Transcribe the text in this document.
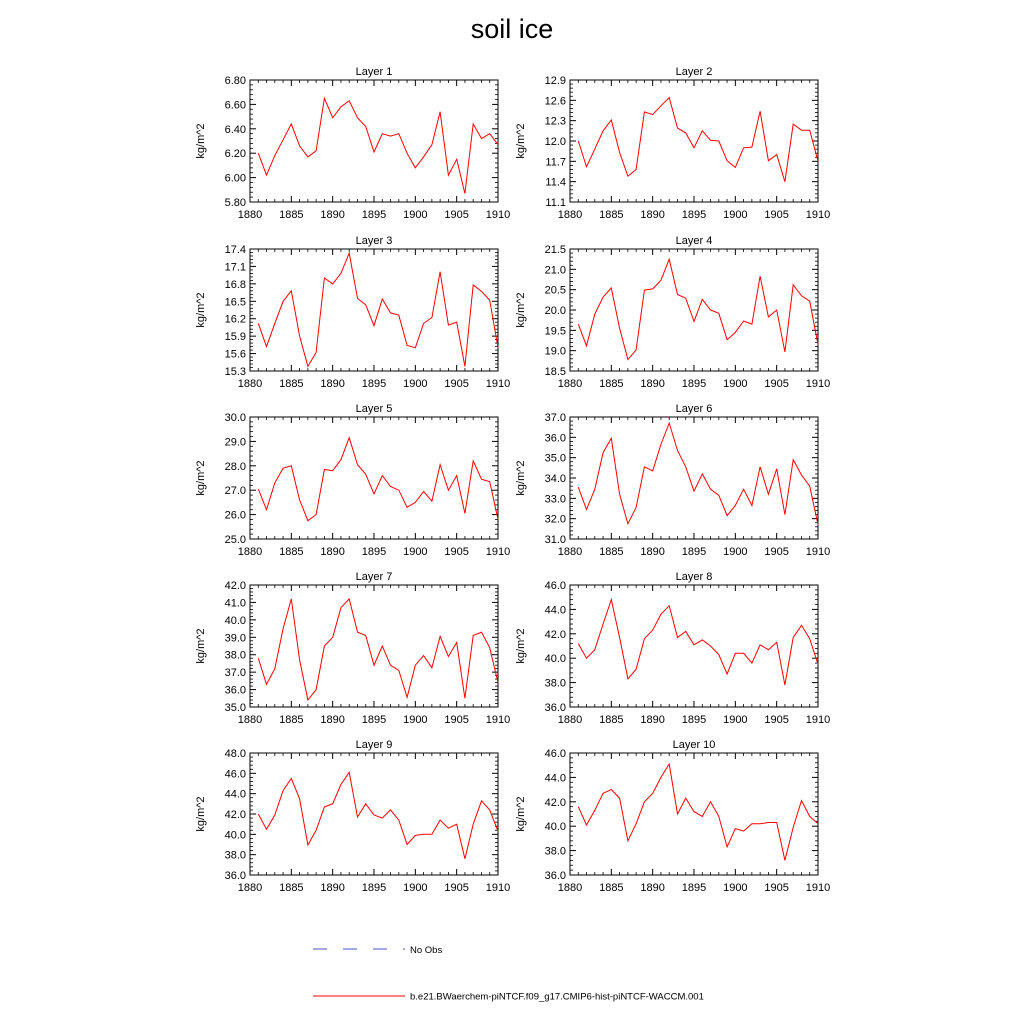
soil ice
Layer 1
kg/m^2
1880 1885 1890 1895 1900 1905 1910
5.80
6.00
6.20
6.40
6.60
6.80
Layer 2
kg/m^2
1880 1885 1890 1895 1900 1905 1910
11.1
11.4
11.7
12.0
12.3
12.6
12.9
Layer 3
kg/m^2
1880 1885 1890 1895 1900 1905 1910
15.3
15.6
15.9
16.2
16.5
16.8
17.1
17.4
Layer 4
kg/m^2
1880 1885 1890 1895 1900 1905 1910
18.5
19.0
19.5
20.0
20.5
21.0
21.5
Layer 5
kg/m^2
1880 1885 1890 1895 1900 1905 1910
25.0
26.0
27.0
28.0
29.0
30.0
Layer 6
kg/m^2
1880 1885 1890 1895 1900 1905 1910
31.0
32.0
33.0
34.0
35.0
36.0
37.0
Layer 7
kg/m^2
1880 1885 1890 1895 1900 1905 1910
35.0
36.0
37.0
38.0
39.0
40.0
41.0
42.0
Layer 8
kg/m^2
1880 1885 1890 1895 1900 1905 1910
36.0
38.0
40.0
42.0
44.0
46.0
Layer 9
kg/m^2
1880 1885 1890 1895 1900 1905 1910
36.0
38.0
40.0
42.0
44.0
46.0
48.0
Layer 10
kg/m^2
1880 1885 1890 1895 1900 1905 1910
36.0
38.0
40.0
42.0
44.0
46.0
No Obs
b.e21.BWaerchem-piNTCF.f09_g17.CMIP6-hist-piNTCF-WACCM.001
